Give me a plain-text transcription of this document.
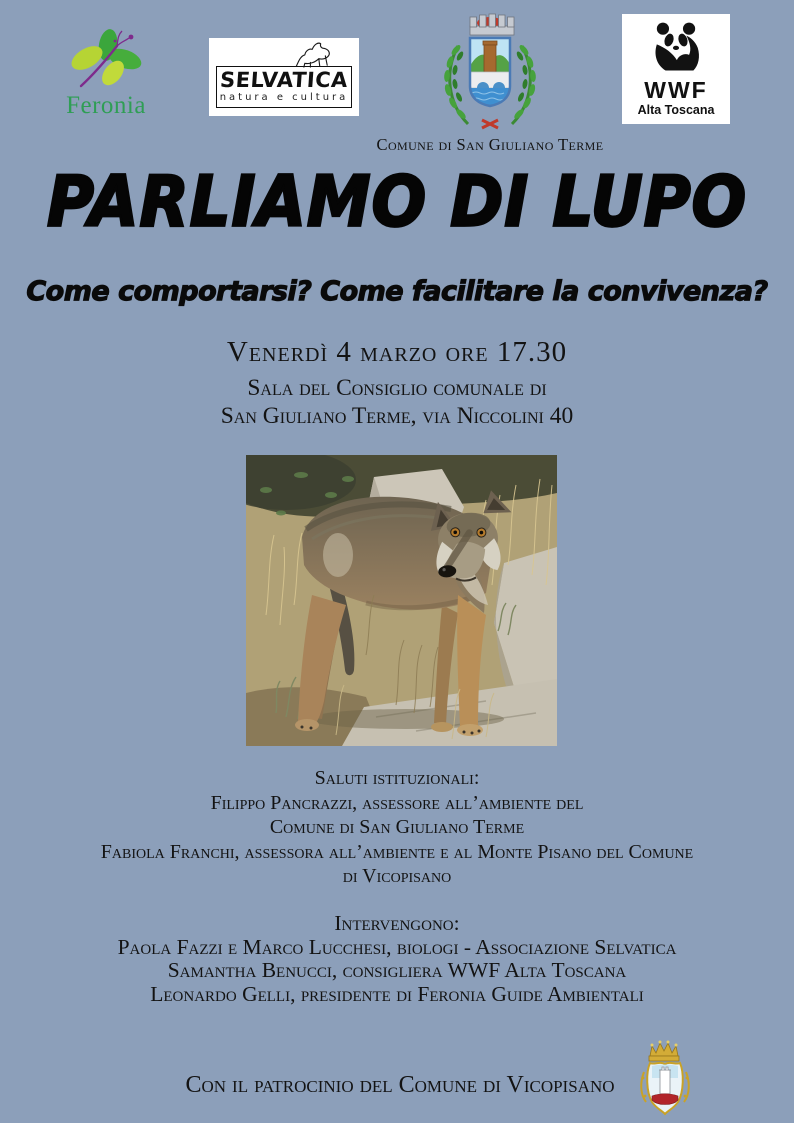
Feronia
SELVATICA
natura e cultura
Comune di San Giuliano Terme
WWF
Alta Toscana
PARLIAMO DI LUPO
Come comportarsi? Come facilitare la convivenza?
Venerdì 4 marzo ore 17.30
Sala del Consiglio comunale di
San Giuliano Terme, via Niccolini 40
Saluti istituzionali:
Filippo Pancrazzi, assessore all’ambiente del
Comune di San Giuliano Terme
Fabiola Franchi, assessora all’ambiente e al Monte Pisano del Comune
di Vicopisano
Intervengono:
Paola Fazzi e Marco Lucchesi, biologi - Associazione Selvatica
Samantha Benucci, consigliera WWF Alta Toscana
Leonardo Gelli, presidente di Feronia Guide Ambientali
Con il patrocinio del Comune di Vicopisano
